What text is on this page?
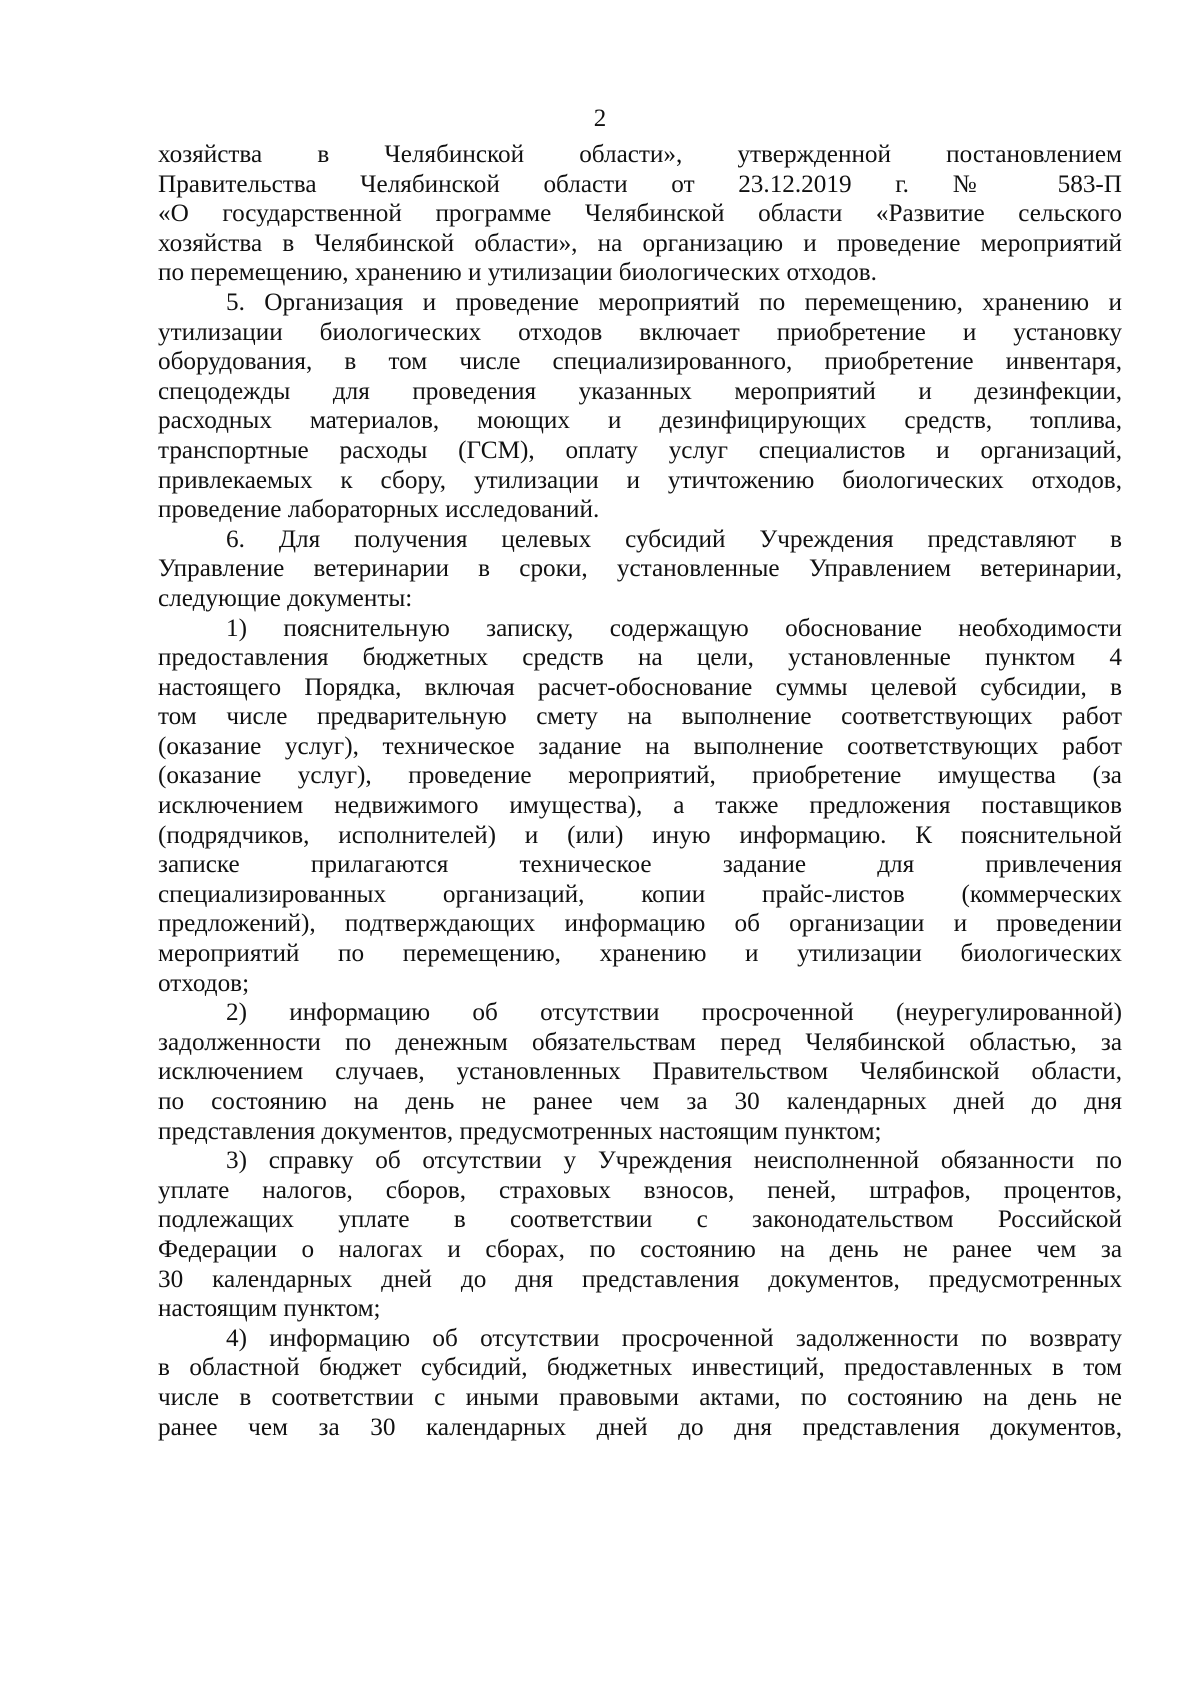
2
хозяйства в Челябинской области», утвержденной постановлением
Правительства Челябинской области от 23.12.2019 г. № 583-П
«О государственной программе Челябинской области «Развитие сельского
хозяйства в Челябинской области», на организацию и проведение мероприятий
по перемещению, хранению и утилизации биологических отходов.
5. Организация и проведение мероприятий по перемещению, хранению и
утилизации биологических отходов включает приобретение и установку
оборудования, в том числе специализированного, приобретение инвентаря,
спецодежды для проведения указанных мероприятий и дезинфекции,
расходных материалов, моющих и дезинфицирующих средств, топлива,
транспортные расходы (ГСМ), оплату услуг специалистов и организаций,
привлекаемых к сбору, утилизации и утичтожению биологических отходов,
проведение лабораторных исследований.
6. Для получения целевых субсидий Учреждения представляют в
Управление ветеринарии в сроки, установленные Управлением ветеринарии,
следующие документы:
1) пояснительную записку, содержащую обоснование необходимости
предоставления бюджетных средств на цели, установленные пунктом 4
настоящего Порядка, включая расчет-обоснование суммы целевой субсидии, в
том числе предварительную смету на выполнение соответствующих работ
(оказание услуг), техническое задание на выполнение соответствующих работ
(оказание услуг), проведение мероприятий, приобретение имущества (за
исключением недвижимого имущества), а также предложения поставщиков
(подрядчиков, исполнителей) и (или) иную информацию. К пояснительной
записке прилагаются техническое задание для привлечения
специализированных организаций, копии прайс-листов (коммерческих
предложений), подтверждающих информацию об организации и проведении
мероприятий по перемещению, хранению и утилизации биологических
отходов;
2) информацию об отсутствии просроченной (неурегулированной)
задолженности по денежным обязательствам перед Челябинской областью, за
исключением случаев, установленных Правительством Челябинской области,
по состоянию на день не ранее чем за 30 календарных дней до дня
представления документов, предусмотренных настоящим пунктом;
3) справку об отсутствии у Учреждения неисполненной обязанности по
уплате налогов, сборов, страховых взносов, пеней, штрафов, процентов,
подлежащих уплате в соответствии с законодательством Российской
Федерации о налогах и сборах, по состоянию на день не ранее чем за
30 календарных дней до дня представления документов, предусмотренных
настоящим пунктом;
4) информацию об отсутствии просроченной задолженности по возврату
в областной бюджет субсидий, бюджетных инвестиций, предоставленных в том
числе в соответствии с иными правовыми актами, по состоянию на день не
ранее чем за 30 календарных дней до дня представления документов,
